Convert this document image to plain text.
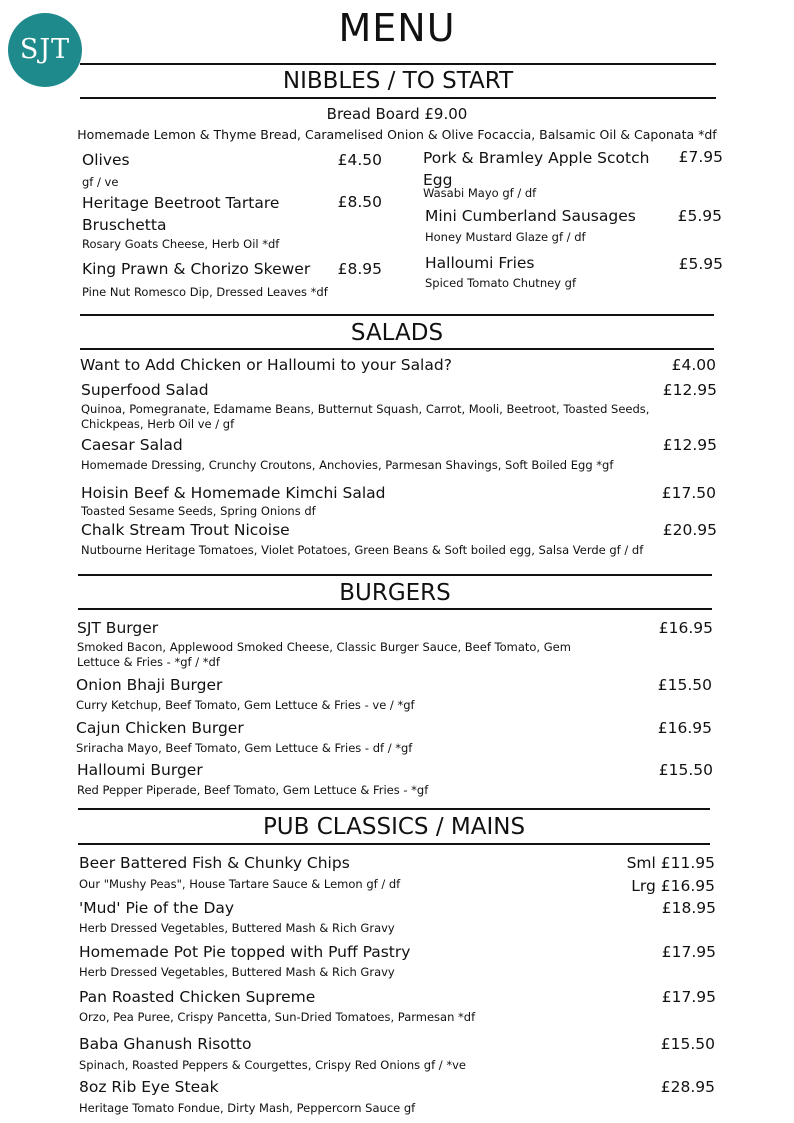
SJT	MENU
NIBBLES / TO START
Bread Board £9.00
Homemade Lemon & Thyme Bread, Caramelised Onion & Olive Focaccia, Balsamic Oil & Caponata *df
Olives	£4.50
gf / ve
Heritage Beetroot Tartare Bruschetta
£8.50
Rosary Goats Cheese, Herb Oil *df
King Prawn & Chorizo Skewer	£8.95
Pine Nut Romesco Dip, Dressed Leaves *df
Pork & Bramley Apple Scotch Egg
£7.95
Wasabi Mayo gf / df
Mini Cumberland Sausages	£5.95
Honey Mustard Glaze gf / df
Halloumi Fries	£5.95
Spiced Tomato Chutney gf
SALADS
Want to Add Chicken or Halloumi to your Salad?	£4.00
Superfood Salad	£12.95
Quinoa, Pomegranate, Edamame Beans, Butternut Squash, Carrot, Mooli, Beetroot, Toasted Seeds, Chickpeas, Herb Oil ve / gf
Caesar Salad	£12.95
Homemade Dressing, Crunchy Croutons, Anchovies, Parmesan Shavings, Soft Boiled Egg *gf
Hoisin Beef & Homemade Kimchi Salad	£17.50
Toasted Sesame Seeds, Spring Onions df
Chalk Stream Trout Nicoise	£20.95
Nutbourne Heritage Tomatoes, Violet Potatoes, Green Beans & Soft boiled egg, Salsa Verde gf / df
BURGERS
SJT Burger	£16.95
Smoked Bacon, Applewood Smoked Cheese, Classic Burger Sauce, Beef Tomato, Gem Lettuce & Fries - *gf / *df
Onion Bhaji Burger	£15.50
Curry Ketchup, Beef Tomato, Gem Lettuce & Fries - ve / *gf
Cajun Chicken Burger	£16.95
Sriracha Mayo, Beef Tomato, Gem Lettuce & Fries - df / *gf
Halloumi Burger	£15.50
Red Pepper Piperade, Beef Tomato, Gem Lettuce & Fries - *gf
PUB CLASSICS / MAINS
Beer Battered Fish & Chunky Chips	Sml £11.95
Lrg £16.95
Our "Mushy Peas", House Tartare Sauce & Lemon gf / df
'Mud' Pie of the Day	£18.95
Herb Dressed Vegetables, Buttered Mash & Rich Gravy
Homemade Pot Pie topped with Puff Pastry	£17.95
Herb Dressed Vegetables, Buttered Mash & Rich Gravy
Pan Roasted Chicken Supreme	£17.95
Orzo, Pea Puree, Crispy Pancetta, Sun-Dried Tomatoes, Parmesan *df
Baba Ghanush Risotto	£15.50
Spinach, Roasted Peppers & Courgettes, Crispy Red Onions gf / *ve
8oz Rib Eye Steak	£28.95
Heritage Tomato Fondue, Dirty Mash, Peppercorn Sauce gf
